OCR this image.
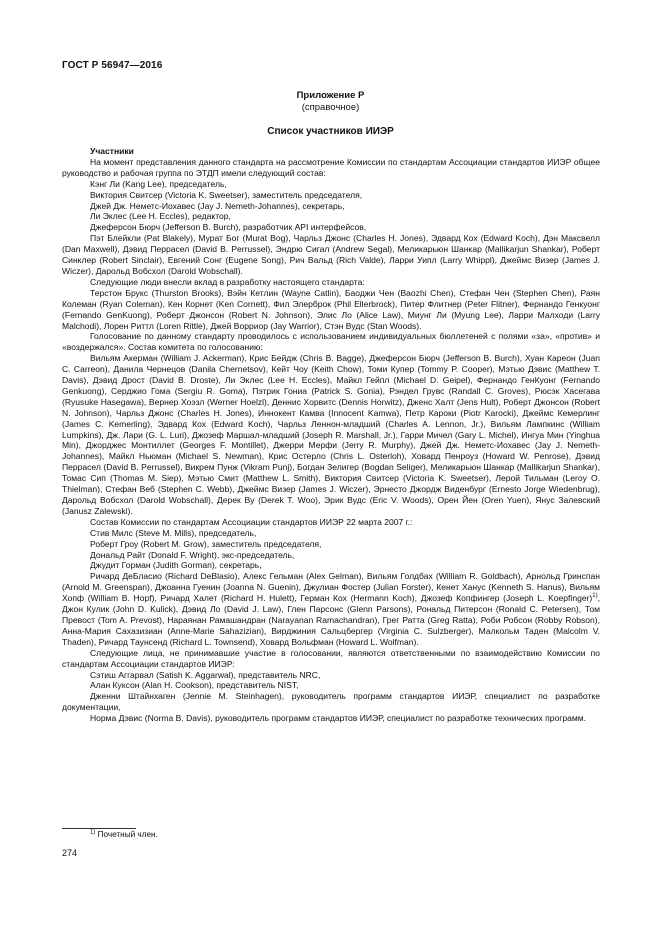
ГОСТ Р 56947—2016
Приложение Р
(справочное)
Список участников ИИЭР
Участники

На момент представления данного стандарта на рассмотрение Комиссии по стандартам Ассоциации стандартов ИИЭР общее руководство и рабочая группа по ЭТДП имели следующий состав:

Кэнг Ли (Kang Lee), председатель,

Виктория Свитсер (Victoria K. Sweetser), заместитель председателя,

Джей Дж. Неметс-Иохавес (Jay J. Nemeth-Johannes), секретарь,

Ли Эклес (Lee H. Eccles), редактор,

Джеферсон Бюрч (Jefferson B. Burch), разработчик API интерфейсов,

Пэт Блейкли (Pat Blakely), Мурат Бог (Murat Bog), Чарльз Джонс (Charles H. Jones), Эдвард Кох (Edward Koch), Дэн Максвелл (Dan Maxwell), Дэвид Перрасел (David B. Perrussel), Эндрю Сигал (Andrew Segal), Меликарьюн Шанкар (Mallikarjun Shankar), Роберт Синклер (Robert Sinclair), Евгений Сонг (Eugene Song), Рич Вальд (Rich Valde), Ларри Уипл (Larry Whippl), Джеймс Визер (James J. Wiczer), Дарольд Вобсхол (Darold Wobschall).

Следующие люди внесли вклад в разработку настоящего стандарта:

Терстон Брукс (Thurston Brooks), Вэйн Кетлин (Wayne Catlin), Баоджи Чен (Baozhi Chen), Стефан Чен (Stephen Chen), Раян Колеман (Ryan Coleman), Кен Корнет (Ken Cornett), Фил Элерброк (Phil Ellerbrock), Питер Флитнер (Peter Flitner), Фернандо Генкуонг (Fernando GenKuong), Роберт Джонсон (Robert N. Johnson), Элис Ло (Alice Law), Миунг Ли (Myung Lee), Ларри Малходи (Larry Malchodi), Лорен Риттл (Loren Rittle), Джей Ворриор (Jay Warrior), Стэн Вудс (Stan Woods).

Голосование по данному стандарту проводилось с использованием индивидуальных бюллетеней с полями «за», «против» и «воздержался». Состав комитета по голосованию:

Вильям Акерман (William J. Ackerman), Крис Бейдж (Chris B. Bagge), Джеферсон Бюрч (Jefferson B. Burch), Хуан Кареон (Juan C. Carreon), Данила Чернецов (Danila Chernetsov), Кейт Чоу (Keith Chow), Томи Купер (Tommy P. Cooper), Мэтью Дэвис (Matthew T. Davis), Дэвид Дрост (David B. Droste), Ли Эклес (Lee H. Eccles), Майкл Гейпл (Michael D. Geipel), Фернандо ГенКуонг (Fernando Genkuong), Серджио Гома (Sergiu R. Goma), Пэтрик Гониа (Patrick S. Gonia), Рэндел Грувс (Randall C. Groves), Рюсэк Хасегава (Ryusuke Hasegawa), Вернер Хоэзл (Werner Hoelzl), Деннис Хорвитс (Dennis Horwitz), Дженс Халт (Jens Hult), Роберт Джонсон (Robert N. Johnson), Чарльз Джонс (Charles H. Jones), Иннокент Камва (Innocent Kamwa), Петр Кароки (Piotr Karocki), Джеймс Кемерлинг (James C. Kemerling), Эдвард Кох (Edward Koch), Чарльз Леннон-младший (Charles A. Lennon, Jr.), Вильям Лампкинс (William Lumpkins), Дж. Лари (G. L. Luri), Джозеф Маршал-младший (Joseph R. Marshall, Jr.), Гарри Мичел (Gary L. Michel), Ингуа Мин (Yinghua Min), Джорджес Монтиллет (Georges F. Montillet), Джерри Мерфи (Jerry R. Murphy), Джей Дж. Неметс-Иохавес (Jay J. Nemeth-Johannes), Майкл Ньюман (Michael S. Newman), Крис Остерло (Chris L. Osterloh), Ховард Пенроуз (Howard W. Penrose), Дэвид Перрасел (David B. Perrussel), Викрем Пунж (Vikram Punj), Богдан Зелигер (Bogdan Seliger), Меликарьюн Шанкар (Mallikarjun Shankar), Томас Сип (Thomas M. Siep), Мэтью Смит (Matthew L. Smith), Виктория Свитсер (Victoria K. Sweetser), Лерой Тильман (Leroy O. Thielman), Стефан Веб (Stephen C. Webb), Джеймс Визер (James J. Wiczer), Эрнесто Джордж Виденбург (Ernesto Jorge Wiedenbrug), Дарольд Вобсхол (Darold Wobschall), Дерек Ву (Derek T. Woo), Эрик Вудс (Eric V. Woods), Орен Йен (Oren Yuen), Янус Залевский (Janusz Zalewski).

Состав Комиссии по стандартам Ассоциации стандартов ИИЭР 22 марта 2007 г.:

Стив Милс (Steve M. Mills), председатель,

Роберт Гроу (Robert M. Grow), заместитель председателя,

Дональд Райт (Donald F. Wright), экс-председатель,

Джудит Горман (Judith Gorman), секретарь,

Ричард ДеБласио (Richard DeBlasio), Алекс Гельман (Alex Gelman), Вильям Голдбах (William R. Goldbach), Арнольд Гринспан (Arnold M. Greenspan), Джоанна Гуенин (Joanna N. Guenin), Джулиан Фостер (Julian Forster), Кенет Ханус (Kenneth S. Hanus), Вильям Хопф (William B. Hopf), Ричард Халет (Richard H. Hulett), Герман Кох (Hermann Koch), Джозеф Копфингер (Joseph L. Koepfinger)$^{1)}$, Джон Кулик (John D. Kulick), Дэвид Ло (David J. Law), Глен Парсонс (Glenn Parsons), Рональд Питерсон (Ronald C. Petersen), Том Превост (Tom A. Prevost), Нараянан Рамашандран (Narayanan Ramachandran), Грег Ратта (Greg Ratta), Роби Робсон (Robby Robson), Анна-Мария Сахазизиан (Anne-Marie Sahazizian), Вирджиния Сальцбергер (Virginia C. Sulzberger), Малкольм Таден (Malcolm V. Thaden), Ричард Таунсенд (Richard L. Townsend), Ховард Вольфман (Howard L. Wolfman).

Следующие лица, не принимавшие участие в голосовании, являются ответственными по взаимодействию Комиссии по стандартам Ассоциации стандартов ИИЭР:

Сэтиш Аггарвал (Satish K. Aggarwal), представитель NRC,

Алан Куксон (Alan H. Cookson), представитель NIST,

Дженни Штайнхаген (Jennie M. Steinhagen), руководитель программ стандартов ИИЭР, специалист по разработке документации,

Норма Дэвис (Norma B. Davis), руководитель программ стандартов ИИЭР, специалист по разработке технических программ.

$^{1)}$ Почетный член.
274
